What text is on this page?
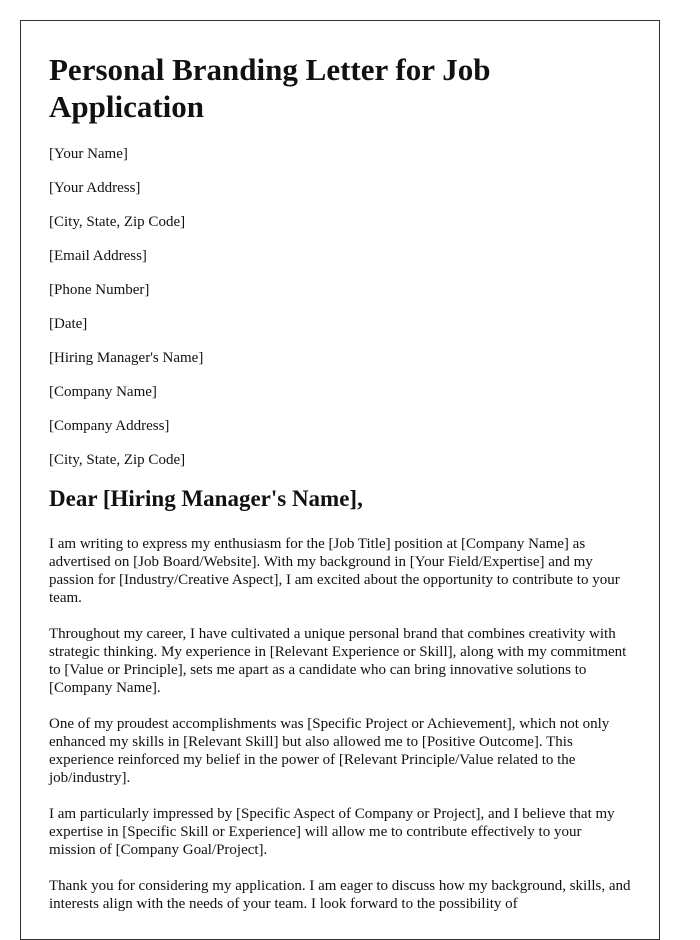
Personal Branding Letter for Job Application

[Your Name]

[Your Address]

[City, State, Zip Code]

[Email Address]

[Phone Number]

[Date]

[Hiring Manager's Name]

[Company Name]

[Company Address]

[City, State, Zip Code]

Dear [Hiring Manager's Name],

I am writing to express my enthusiasm for the [Job Title] position at [Company Name] as advertised on [Job Board/Website]. With my background in [Your Field/Expertise] and my passion for [Industry/Creative Aspect], I am excited about the opportunity to contribute to your team.

Throughout my career, I have cultivated a unique personal brand that combines creativity with strategic thinking. My experience in [Relevant Experience or Skill], along with my commitment to [Value or Principle], sets me apart as a candidate who can bring innovative solutions to [Company Name].

One of my proudest accomplishments was [Specific Project or Achievement], which not only enhanced my skills in [Relevant Skill] but also allowed me to [Positive Outcome]. This experience reinforced my belief in the power of [Relevant Principle/Value related to the job/industry].

I am particularly impressed by [Specific Aspect of Company or Project], and I believe that my expertise in [Specific Skill or Experience] will allow me to contribute effectively to your mission of [Company Goal/Project].

Thank you for considering my application. I am eager to discuss how my background, skills, and interests align with the needs of your team. I look forward to the possibility of
